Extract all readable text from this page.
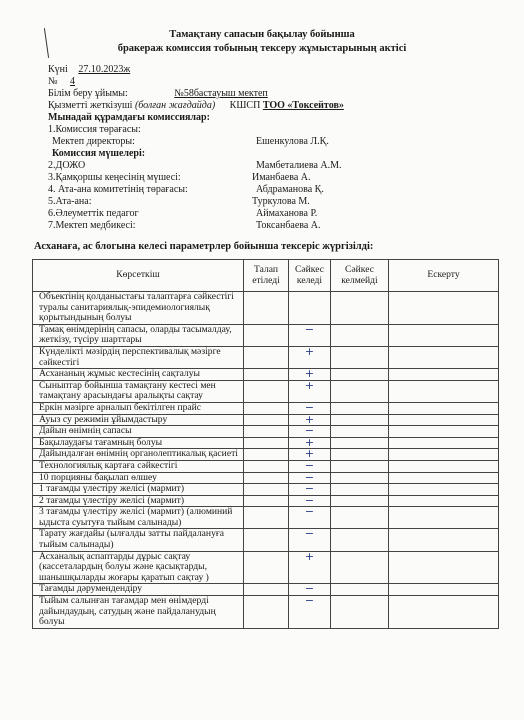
Тамақтану сапасын бақылау бойынша
бракераж комиссия тобының тексеру жұмыстарының актісі
Күні 27.10.2023ж
№ 4
Білім беру ұйымы:	№58бастауыш мектеп
Қызметті жеткізуші (болған жағдайда) КШСП ТОО «Токсейтов»
Мынадай құрамдағы комиссиялар:
1.Комиссия төрағасы:
Мектеп директоры:	Ешенкулова Л.Қ.
Комиссия мүшелері:
2.ДОЖО	Мамбеталиева А.М.
3.Қамқоршы кеңесінің мүшесі:	Иманбаева А.
4. Ата-ана комитетінің төрағасы:	Абдраманова Қ.
5.Ата-ана:	Туркулова М.
6.Әлеуметтік педагог	Аймаханова Р.
7.Мектеп медбикесі:	Токсанбаева А.
Асханаға, ас блогына келесі параметрлер бойынша тексеріс жүргізілді:
Көрсеткіш	Талап етіледі	Сәйкес келеді	Сәйкес келмейді	Ескерту
Объектінің қолданыстағы талаптарға сәйкестігі туралы санитариялық-эпидемиологиялық қорытындының болуы				
Тамақ өнімдерінің сапасы, оларды тасымалдау, жеткізу, түсіру шарттары		−		
Күнделікті мәзірдің перспективалық мәзірге сәйкестігі		+		
Асхананың жұмыс кестесінің сақталуы		+		
Сыныптар бойынша тамақтану кестесі мен тамақтану арасындағы аралықты сақтау		+		
Еркін мәзірге арналып бекітілген прайс		−		
Ауыз су режимін ұйымдастыру		+		
Дайын өнімнің сапасы		−		
Бақылаудағы тағамның болуы		+		
Дайындалған өнімнің органолептикалық қасиеті		+		
Технологиялық картаға сәйкестігі		−		
10 порцияны бақылап өлшеу		−		
1 тағамды үлестіру желісі (мармит)		−		
2 тағамды үлестіру желісі (мармит)		−		
3 тағамды үлестіру желісі (мармит) (алюминий ыдыста суытуға тыйым салынады)		−		
Тарату жағдайы (ылғалды затты пайдалануға тыйым салынады)		−		
Асханалық аспаптарды дұрыс сақтау (кассеталардың болуы және қасықтарды, шанышқыларды жоғары қаратып сақтау )		+		
Тағамды дәрумендендіру		−		
Тыйым салынған тағамдар мен өнімдерді дайындаудың, сатудың және пайдаланудың болуы		−		
